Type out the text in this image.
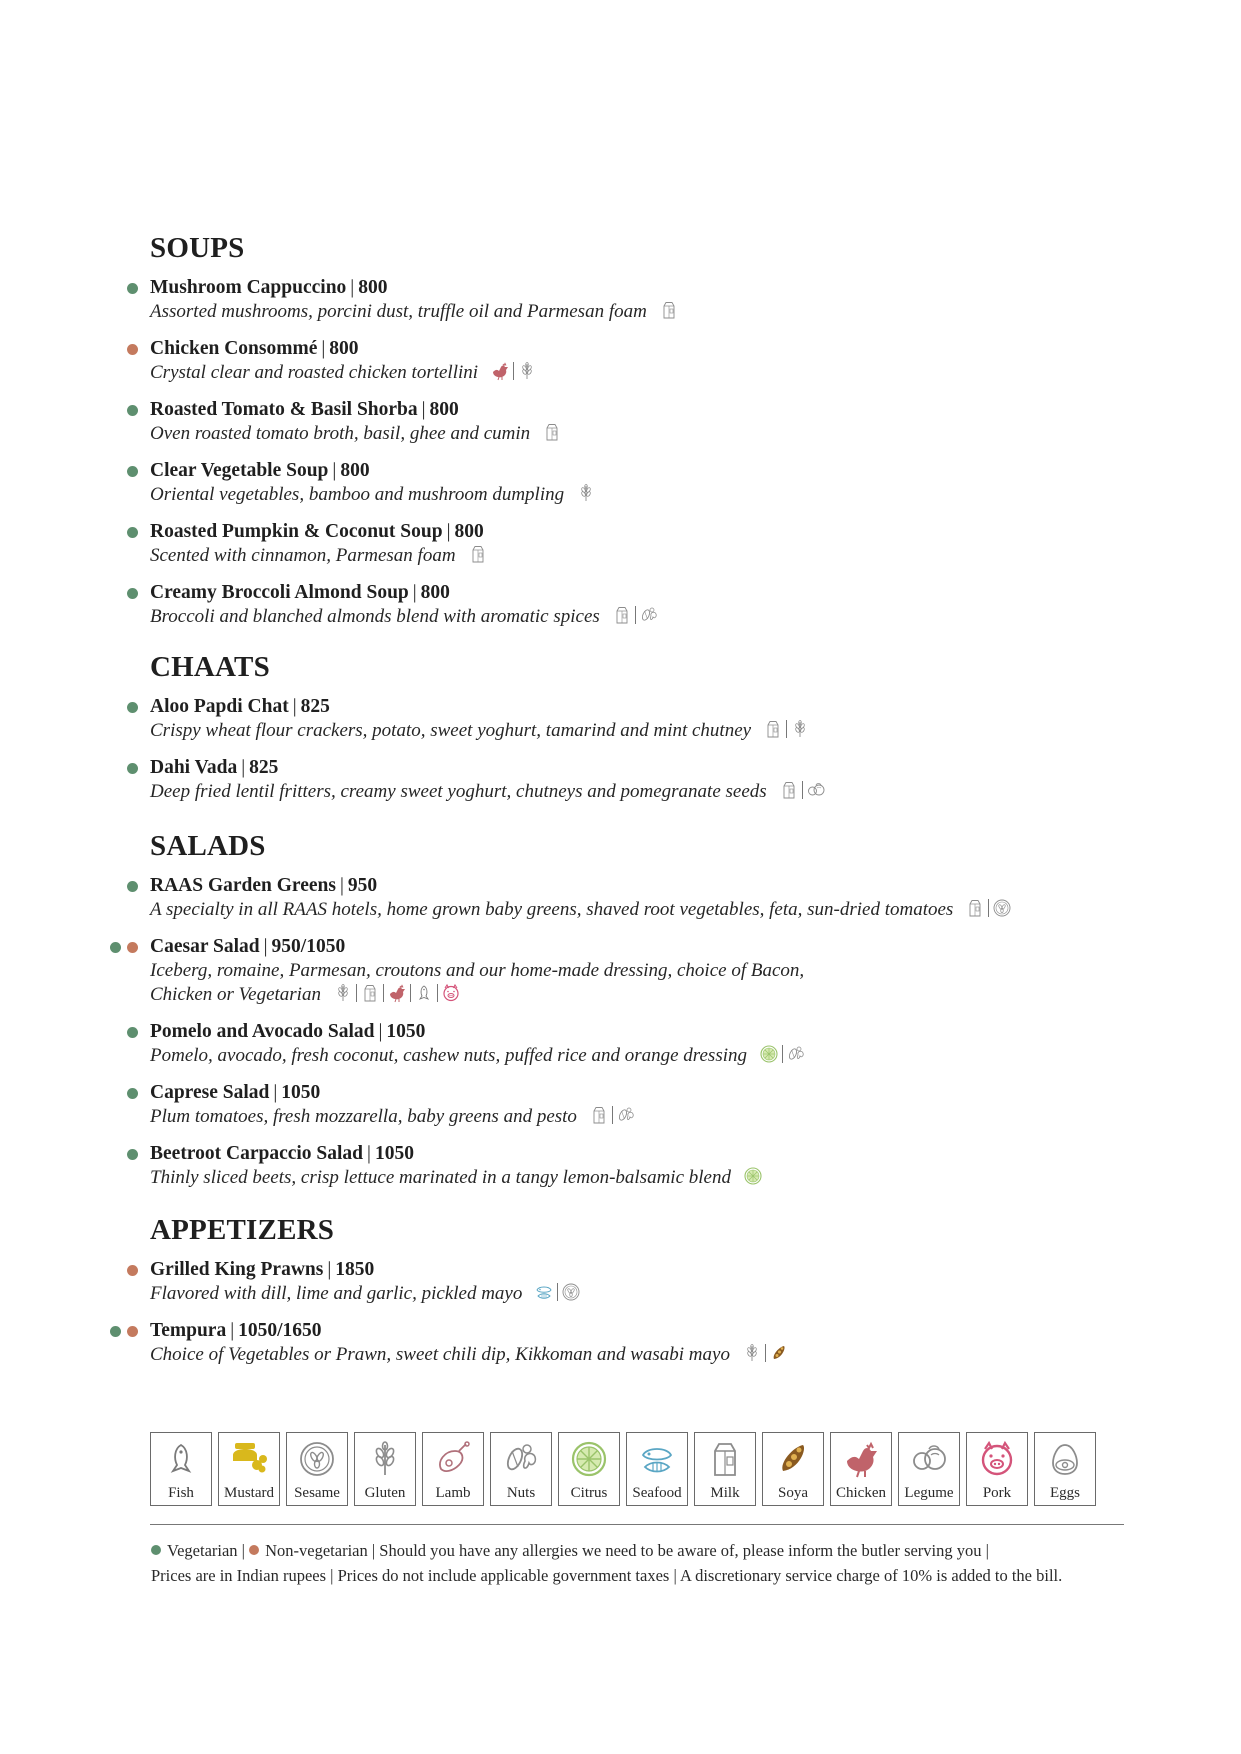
SOUPS
Mushroom Cappuccino | 800
Assorted mushrooms, porcini dust, truffle oil and Parmesan foam
Chicken Consommé | 800
Crystal clear and roasted chicken tortellini
Roasted Tomato & Basil Shorba | 800
Oven roasted tomato broth, basil, ghee and cumin
Clear Vegetable Soup | 800
Oriental vegetables, bamboo and mushroom dumpling
Roasted Pumpkin & Coconut Soup | 800
Scented with cinnamon, Parmesan foam
Creamy Broccoli Almond Soup | 800
Broccoli and blanched almonds blend with aromatic spices
CHAATS
Aloo Papdi Chat | 825
Crispy wheat flour crackers, potato, sweet yoghurt, tamarind and mint chutney
Dahi Vada | 825
Deep fried lentil fritters, creamy sweet yoghurt, chutneys and pomegranate seeds
SALADS
RAAS Garden Greens | 950
A specialty in all RAAS hotels, home grown baby greens, shaved root vegetables, feta, sun-dried tomatoes
Caesar Salad | 950/1050
Iceberg, romaine, Parmesan, croutons and our home-made dressing, choice of Bacon,
Chicken or Vegetarian
Pomelo and Avocado Salad | 1050
Pomelo, avocado, fresh coconut, cashew nuts, puffed rice and orange dressing
Caprese Salad | 1050
Plum tomatoes, fresh mozzarella, baby greens and pesto
Beetroot Carpaccio Salad | 1050
Thinly sliced beets, crisp lettuce marinated in a tangy lemon-balsamic blend
APPETIZERS
Grilled King Prawns | 1850
Flavored with dill, lime and garlic, pickled mayo
Tempura | 1050/1650
Choice of Vegetables or Prawn, sweet chili dip, Kikkoman and wasabi mayo
Fish Mustard Sesame Gluten Lamb Nuts Citrus Seafood Milk	Soya Chicken Legume Pork	Eggs
Vegetarian | Non-vegetarian | Should you have any allergies we need to be aware of, please inform the butler serving you |
Prices are in Indian rupees | Prices do not include applicable government taxes | A discretionary service charge of 10% is added to the bill.
